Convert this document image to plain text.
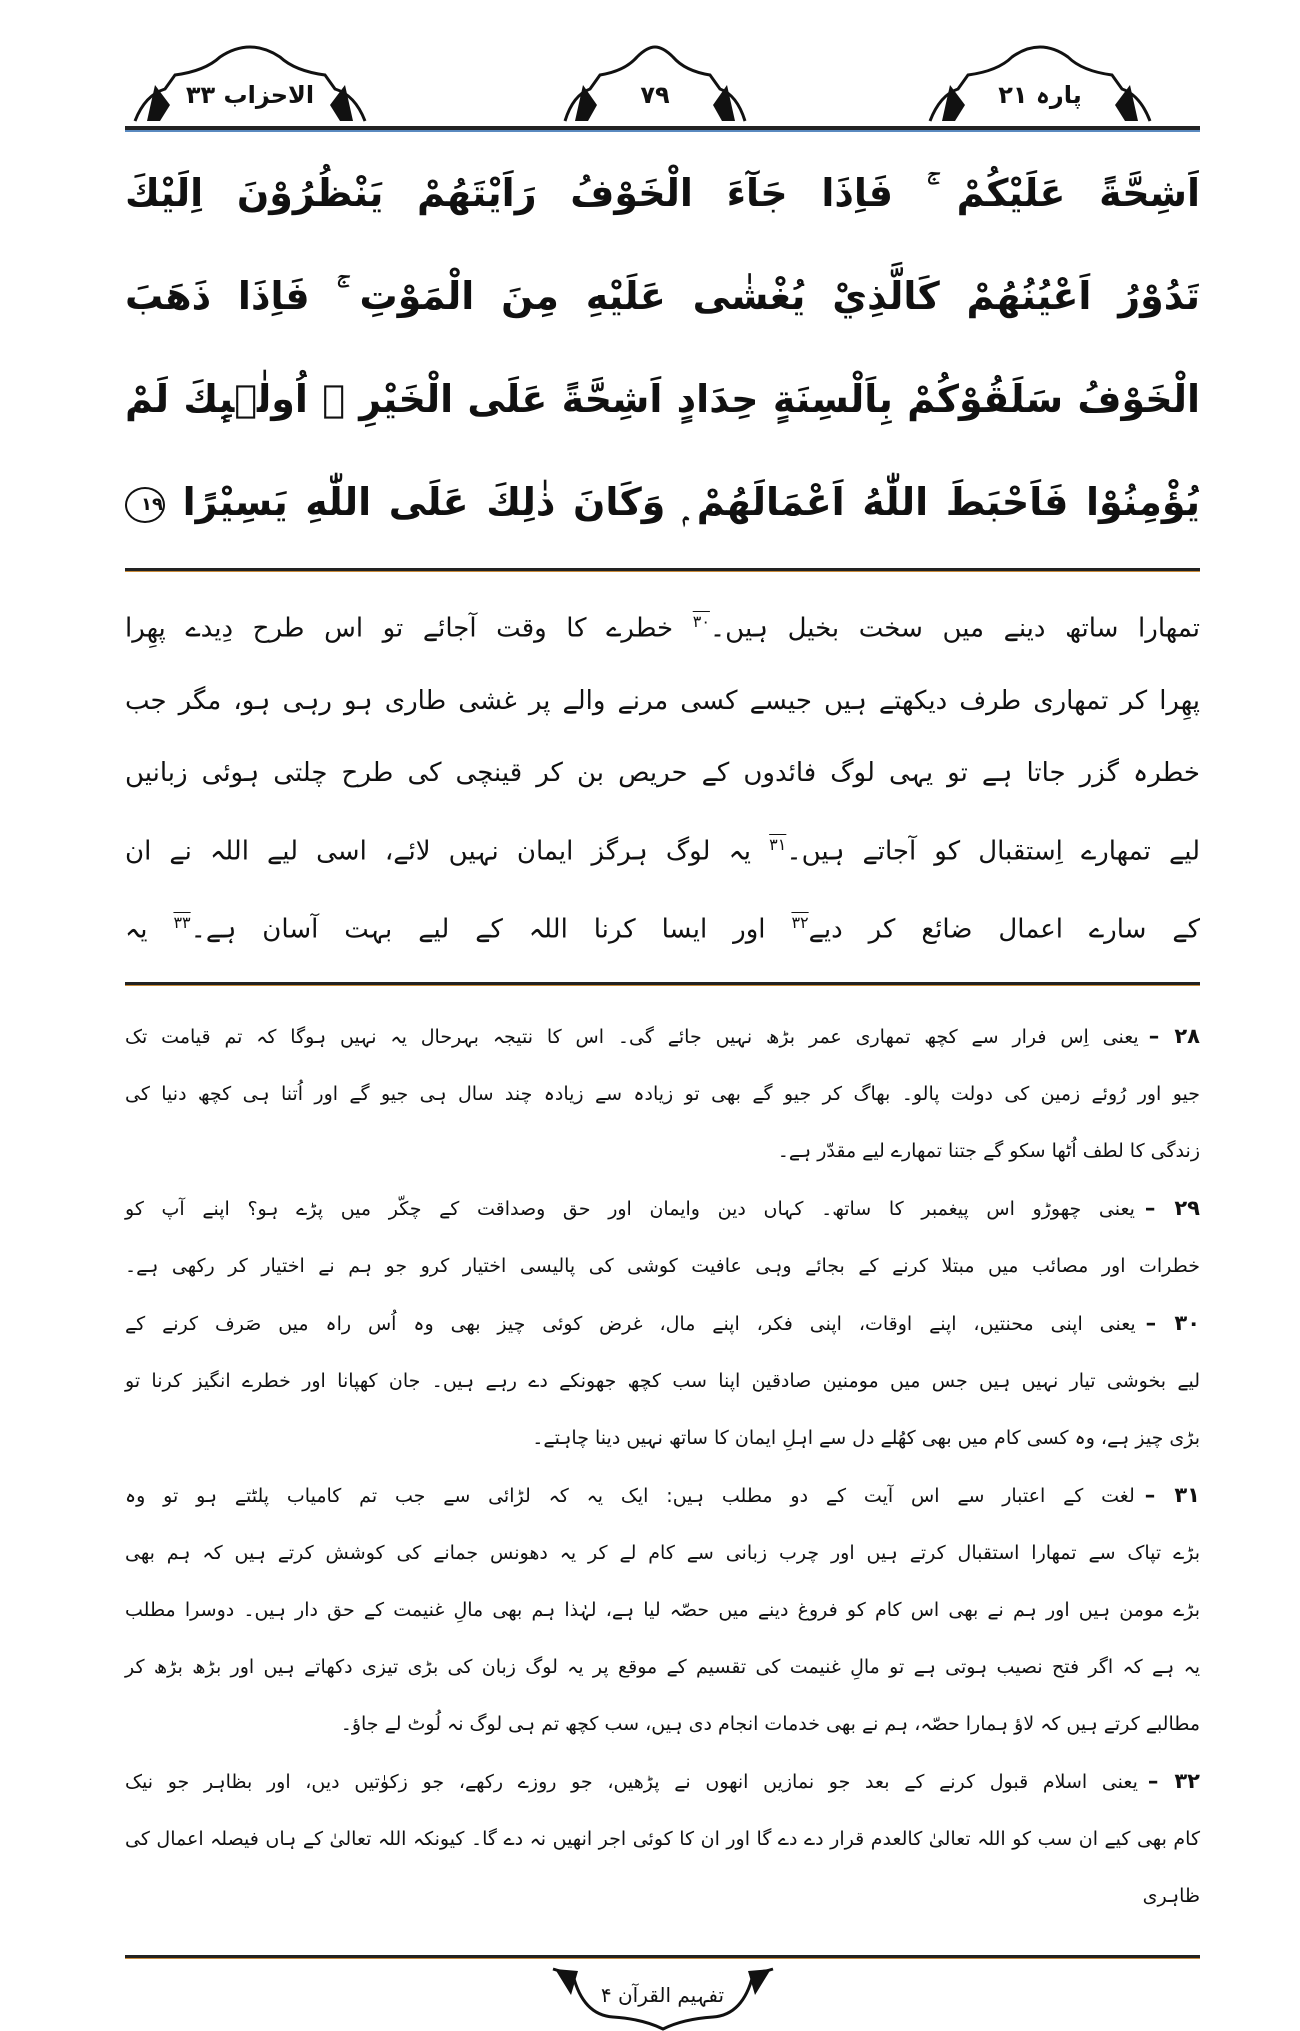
الاحزاب ۳۳	۷۹	پارہ ۲۱
اَشِحَّةً عَلَيْكُمْ ۚ فَاِذَا جَآءَ الْخَوْفُ رَاَيْتَهُمْ يَنْظُرُوْنَ اِلَيْكَ
تَدُوْرُ اَعْيُنُهُمْ كَالَّذِيْ يُغْشٰى عَلَيْهِ مِنَ الْمَوْتِ ۚ فَاِذَا ذَهَبَ
الْخَوْفُ سَلَقُوْكُمْ بِاَلْسِنَةٍ حِدَادٍ اَشِحَّةً عَلَى الْخَيْرِ ۭ اُولٰۗىِٕكَ لَمْ
يُؤْمِنُوْا فَاَحْبَطَ اللّٰهُ اَعْمَالَهُمْ ۭ وَكَانَ ذٰلِكَ عَلَى اللّٰهِ يَسِيْرًا ۱۹
تمھارا ساتھ دینے میں سخت بخیل ہیں۔$^{۳۰}$ خطرے کا وقت آجائے تو اس طرح دِیدے پھِرا
پھِرا کر تمھاری طرف دیکھتے ہیں جیسے کسی مرنے والے پر غشی طاری ہو رہی ہو، مگر جب
خطرہ گزر جاتا ہے تو یہی لوگ فائدوں کے حریص بن کر قینچی کی طرح چلتی ہوئی زبانیں
لیے تمھارے اِستقبال کو آجاتے ہیں۔$^{۳۱}$ یہ لوگ ہرگز ایمان نہیں لائے، اسی لیے اللہ نے ان
کے سارے اعمال ضائع کر دیے$^{۳۲}$ اور ایسا کرنا اللہ کے لیے بہت آسان ہے۔$^{۳۳}$ یہ
۲۸ –یعنی اِس فرار سے کچھ تمھاری عمر بڑھ نہیں جائے گی۔ اس کا نتیجہ بہرحال یہ نہیں ہوگا کہ تم قیامت تک
جیو اور رُوئے زمین کی دولت پالو۔ بھاگ کر جیو گے بھی تو زیادہ سے زیادہ چند سال ہی جیو گے اور اُتنا ہی کچھ دنیا کی
زندگی کا لطف اُٹھا سکو گے جتنا تمھارے لیے مقدّر ہے۔
۲۹ –یعنی چھوڑو اس پیغمبر کا ساتھ۔ کہاں دین وایمان اور حق وصداقت کے چکّر میں پڑے ہو؟ اپنے آپ کو
خطرات اور مصائب میں مبتلا کرنے کے بجائے وہی عافیت کوشی کی پالیسی اختیار کرو جو ہم نے اختیار کر رکھی ہے۔
۳۰ –یعنی اپنی محنتیں، اپنے اوقات، اپنی فکر، اپنے مال، غرض کوئی چیز بھی وہ اُس راہ میں صَرف کرنے کے
لیے بخوشی تیار نہیں ہیں جس میں مومنین صادقین اپنا سب کچھ جھونکے دے رہے ہیں۔ جان کھپانا اور خطرے انگیز کرنا تو
بڑی چیز ہے، وہ کسی کام میں بھی کھُلے دل سے اہلِ ایمان کا ساتھ نہیں دینا چاہتے۔
۳۱ –لغت کے اعتبار سے اس آیت کے دو مطلب ہیں: ایک یہ کہ لڑائی سے جب تم کامیاب پلٹتے ہو تو وہ
بڑے تپاک سے تمھارا استقبال کرتے ہیں اور چرب زبانی سے کام لے کر یہ دھونس جمانے کی کوشش کرتے ہیں کہ ہم بھی
بڑے مومن ہیں اور ہم نے بھی اس کام کو فروغ دینے میں حصّہ لیا ہے، لہٰذا ہم بھی مالِ غنیمت کے حق دار ہیں۔ دوسرا مطلب
یہ ہے کہ اگر فتح نصیب ہوتی ہے تو مالِ غنیمت کی تقسیم کے موقع پر یہ لوگ زبان کی بڑی تیزی دکھاتے ہیں اور بڑھ بڑھ کر
مطالبے کرتے ہیں کہ لاؤ ہمارا حصّہ، ہم نے بھی خدمات انجام دی ہیں، سب کچھ تم ہی لوگ نہ لُوٹ لے جاؤ۔
۳۲ –یعنی اسلام قبول کرنے کے بعد جو نمازیں انھوں نے پڑھیں، جو روزے رکھے، جو زکوٰتیں دیں، اور بظاہر جو نیک
کام بھی کیے ان سب کو اللہ تعالیٰ کالعدم قرار دے دے گا اور ان کا کوئی اجر انھیں نہ دے گا۔ کیونکہ اللہ تعالیٰ کے ہاں فیصلہ اعمال کی ظاہری
تفہیم القرآن ۴
